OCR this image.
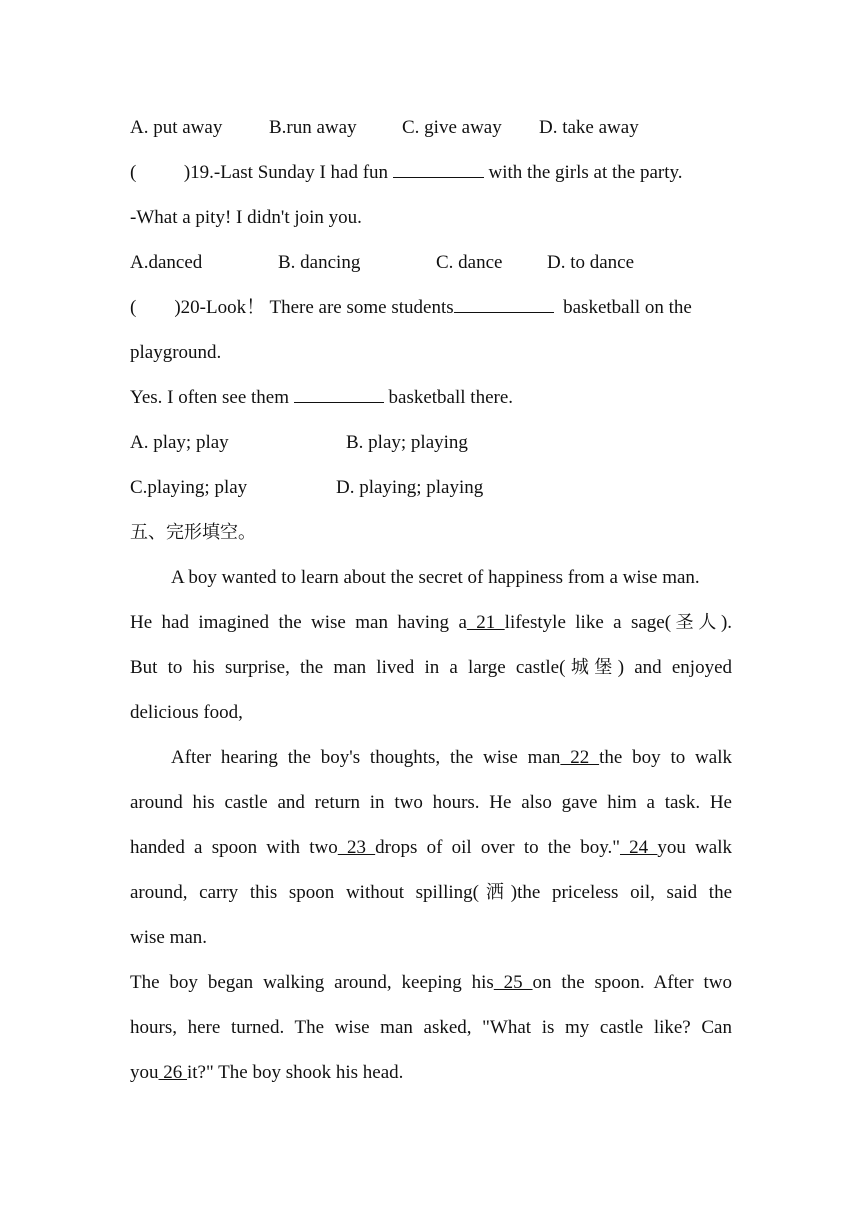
A. put away B.run away C. give away D. take away
(          )19.-Last Sunday I had fun	with the girls at the party.
-What a pity! I didn't join you.
A.danced	B. dancing	C. dance D. to dance
(        )20-Look！ There are some students	basketball on the
playground.
Yes. I often see them	basketball there.
A. play; play	B. play; playing
C.playing; play	D. playing; playing
五、完形填空。
A boy wanted to learn about the secret of happiness from a wise man.
He had imagined the wise man having a 21 lifestyle like a sage(圣人).
But to his surprise, the man lived in a large castle(城堡) and enjoyed
delicious food,
After hearing the boy's thoughts, the wise man 22 the boy to walk
around his castle and return in two hours. He also gave him a task. He
handed a spoon with two 23 drops of oil over to the boy." 24 you walk
around, carry this spoon without spilling(洒)the priceless oil, said the
wise man.
The boy began walking around, keeping his 25 on the spoon. After two
hours, here turned. The wise man asked, "What is my castle like? Can
you 26 it?" The boy shook his head.
